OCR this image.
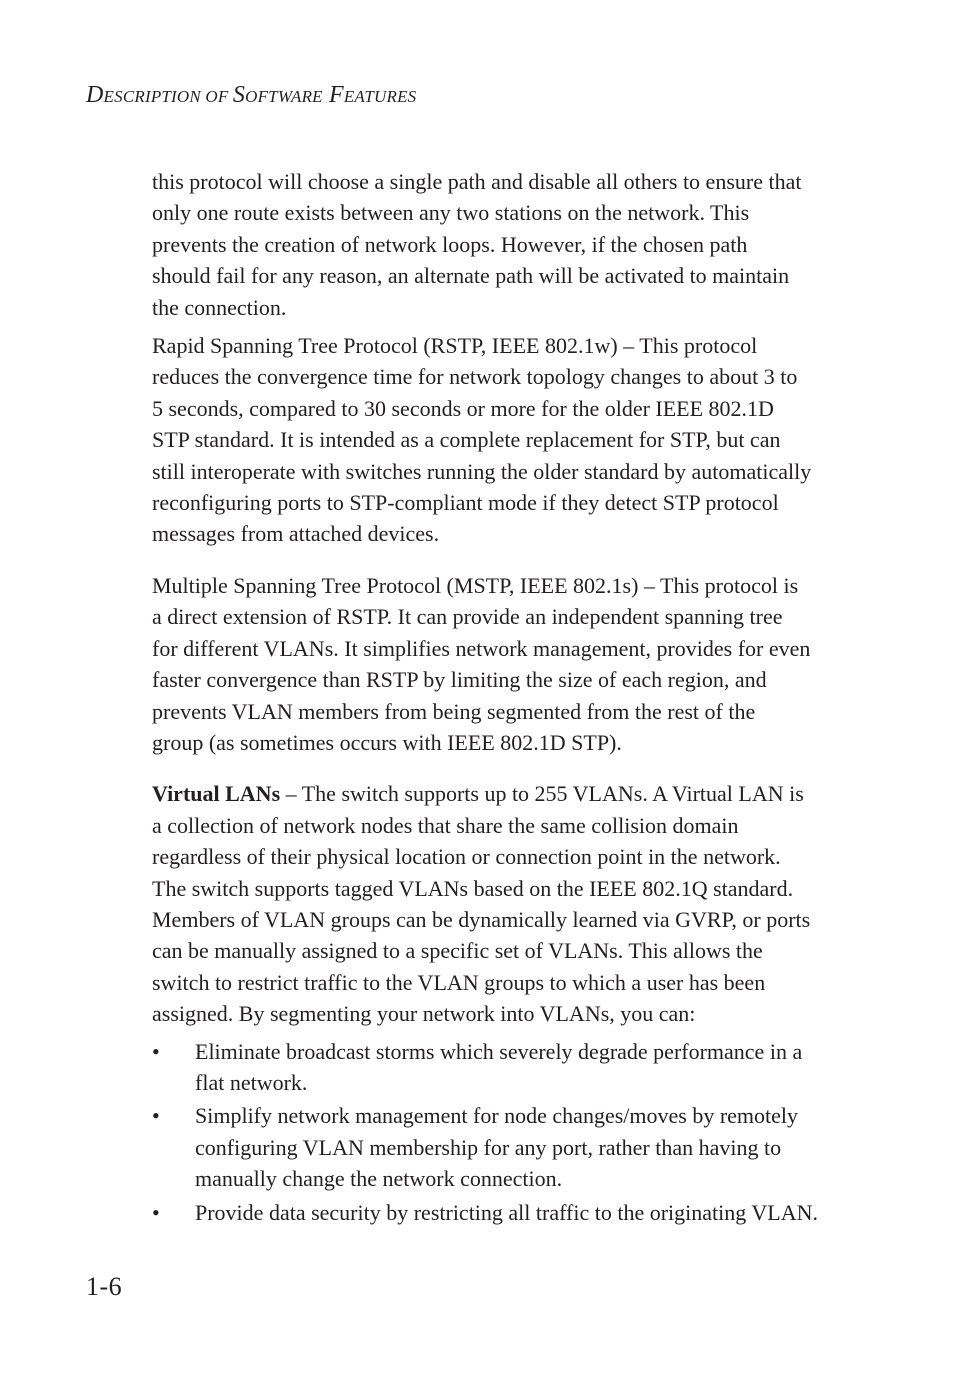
DESCRIPTION OF SOFTWARE FEATURES

this protocol will choose a single path and disable all others to ensure that
only one route exists between any two stations on the network. This
prevents the creation of network loops. However, if the chosen path
should fail for any reason, an alternate path will be activated to maintain
the connection.

Rapid Spanning Tree Protocol (RSTP, IEEE 802.1w) – This protocol
reduces the convergence time for network topology changes to about 3 to
5 seconds, compared to 30 seconds or more for the older IEEE 802.1D
STP standard. It is intended as a complete replacement for STP, but can
still interoperate with switches running the older standard by automatically
reconfiguring ports to STP-compliant mode if they detect STP protocol
messages from attached devices.

Multiple Spanning Tree Protocol (MSTP, IEEE 802.1s) – This protocol is
a direct extension of RSTP. It can provide an independent spanning tree
for different VLANs. It simplifies network management, provides for even
faster convergence than RSTP by limiting the size of each region, and
prevents VLAN members from being segmented from the rest of the
group (as sometimes occurs with IEEE 802.1D STP).

Virtual LANs – The switch supports up to 255 VLANs. A Virtual LAN is
a collection of network nodes that share the same collision domain
regardless of their physical location or connection point in the network.
The switch supports tagged VLANs based on the IEEE 802.1Q standard.
Members of VLAN groups can be dynamically learned via GVRP, or ports
can be manually assigned to a specific set of VLANs. This allows the
switch to restrict traffic to the VLAN groups to which a user has been
assigned. By segmenting your network into VLANs, you can:

• Eliminate broadcast storms which severely degrade performance in a
flat network.
• Simplify network management for node changes/moves by remotely
configuring VLAN membership for any port, rather than having to
manually change the network connection.
• Provide data security by restricting all traffic to the originating VLAN.
1-6
